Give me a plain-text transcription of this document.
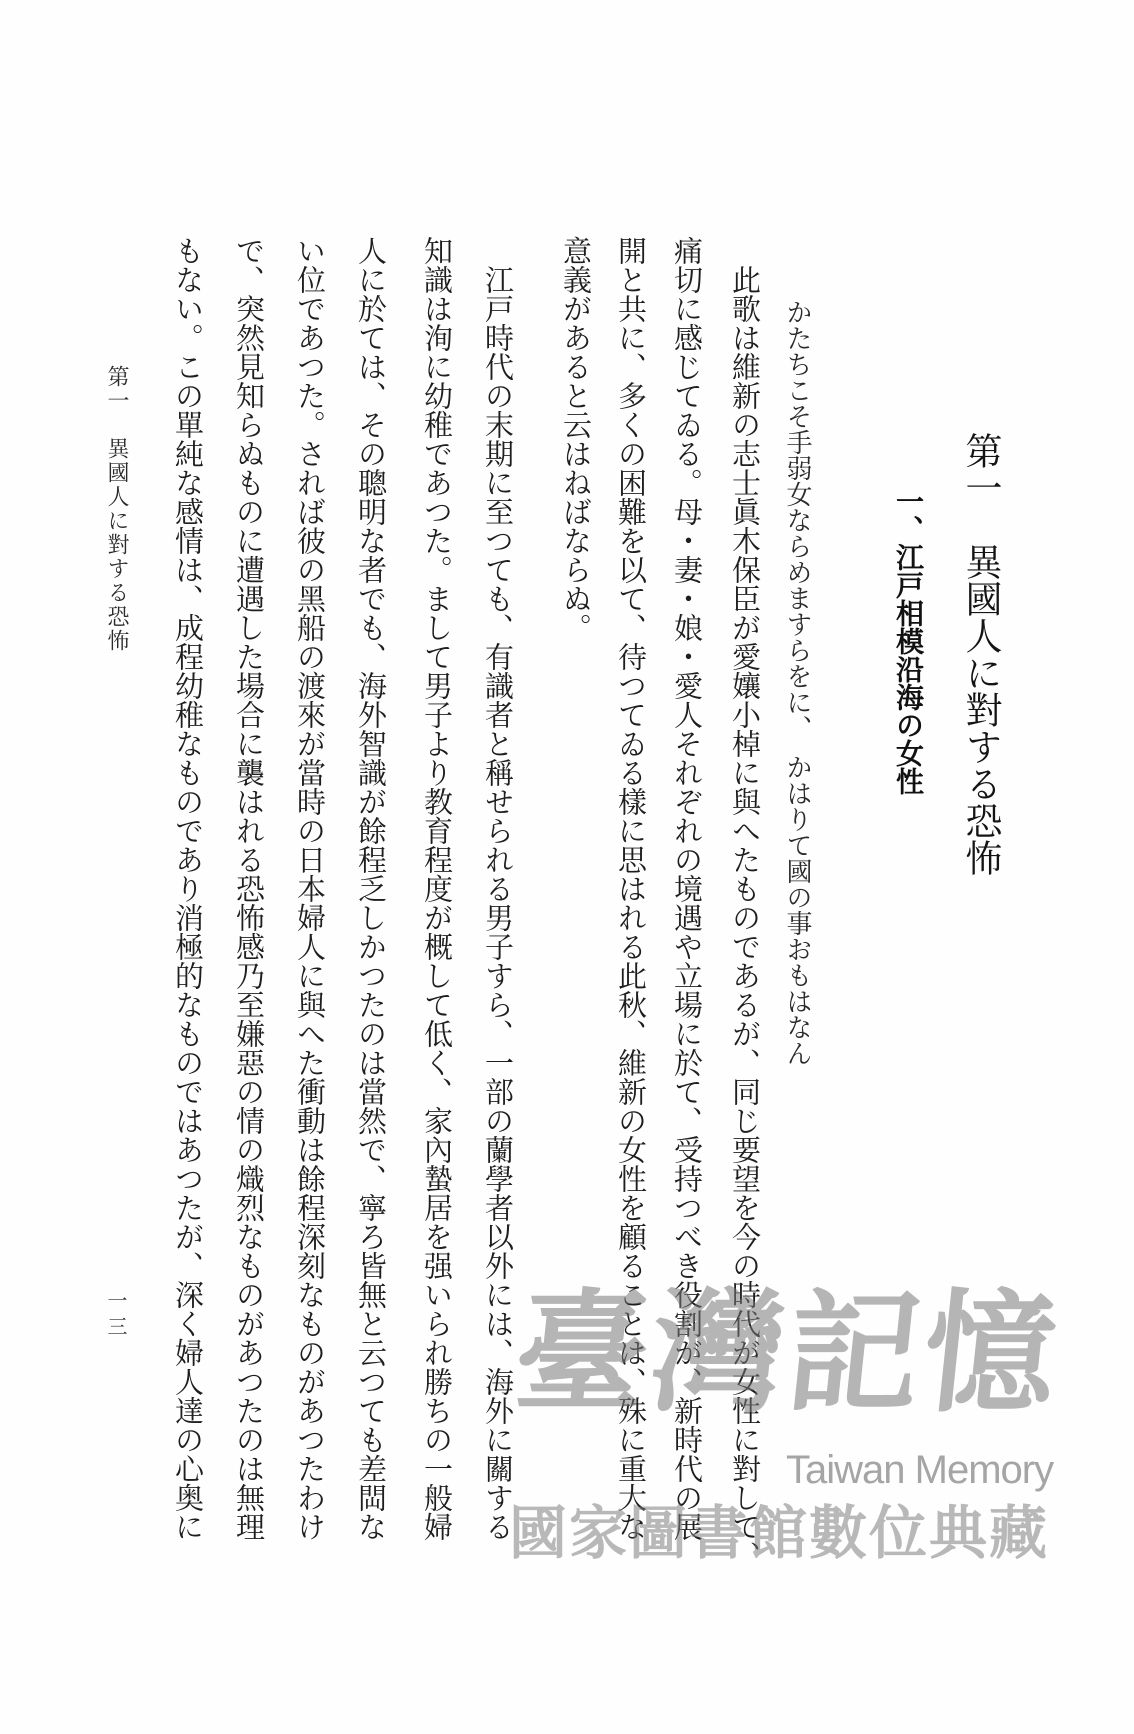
第一　異國人に對する恐怖
一、江戸相模沿海の女性
かたちこそ手弱女ならめますらをに、　かはりて國の事おもはなん
此歌は維新の志士眞木保臣が愛孃小棹に與へたものであるが、同じ要望を今の時代が女性に對して、
痛切に感じてゐる。母・妻・娘・愛人それぞれの境遇や立場に於て、受持つべき役割が、新時代の展
開と共に、多くの困難を以て、待つてゐる樣に思はれる此秋、維新の女性を顧ることは、殊に重大な
意義があると云はねばならぬ。
江戸時代の末期に至つても、有識者と稱せられる男子すら、一部の蘭學者以外には、海外に關する
知識は洵に幼稚であつた。まして男子より教育程度が概して低く、家內蟄居を强いられ勝ちの一般婦
人に於ては、その聰明な者でも、海外智識が餘程乏しかつたのは當然で、寧ろ皆無と云つても差閊な
い位であつた。されば彼の黑船の渡來が當時の日本婦人に與へた衝動は餘程深刻なものがあつたわけ
で、突然見知らぬものに遭遇した場合に襲はれる恐怖感乃至嫌惡の情の熾烈なものがあつたのは無理
もない。この單純な感情は、成程幼稚なものであり消極的なものではあつたが、深く婦人達の心奥に
第一　異國人に對する恐怖
一三	臺灣記憶
Taiwan Memory
國家圖書館數位典藏
